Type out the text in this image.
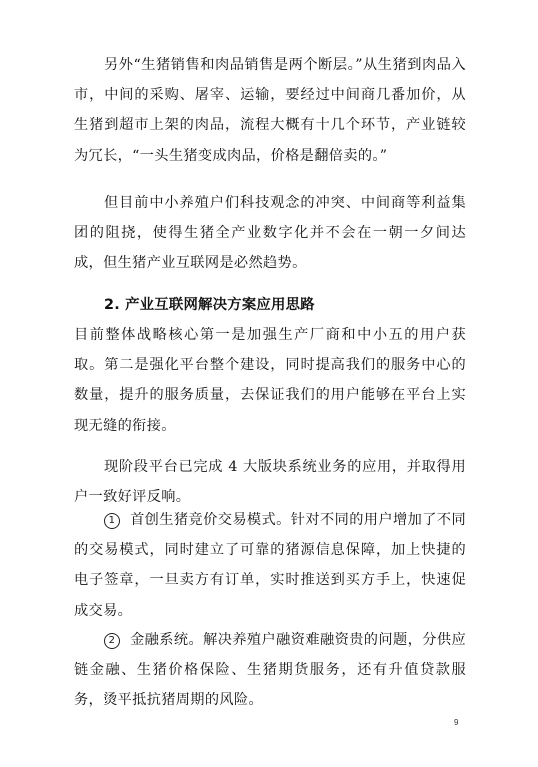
另外“生猪销售和肉品销售是两个断层。”从生猪到肉品入市，中间的采购、屠宰、运输，要经过中间商几番加价，从生猪到超市上架的肉品，流程大概有十几个环节，产业链较为冗长，“一头生猪变成肉品，价格是翻倍卖的。”

但目前中小养殖户们科技观念的冲突、中间商等利益集团的阻挠，使得生猪全产业数字化并不会在一朝一夕间达成，但生猪产业互联网是必然趋势。

2. 产业互联网解决方案应用思路

目前整体战略核心第一是加强生产厂商和中小五的用户获取。第二是强化平台整个建设，同时提高我们的服务中心的数量，提升的服务质量，去保证我们的用户能够在平台上实现无缝的衔接。

现阶段平台已完成 4 大版块系统业务的应用，并取得用户一致好评反响。

1 首创生猪竞价交易模式。针对不同的用户增加了不同的交易模式，同时建立了可靠的猪源信息保障，加上快捷的电子签章，一旦卖方有订单，实时推送到买方手上，快速促成交易。

2 金融系统。解决养殖户融资难融资贵的问题，分供应链金融、生猪价格保险、生猪期货服务，还有升值贷款服务，烫平抵抗猪周期的风险。

9
